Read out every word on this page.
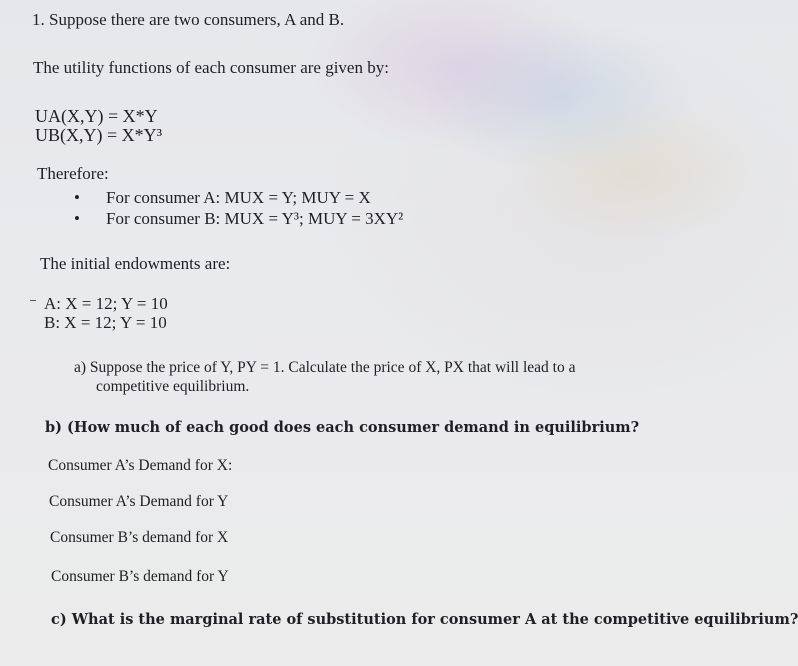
1. Suppose there are two consumers, A and B.
The utility functions of each consumer are given by:
UA(X,Y) = X*Y
UB(X,Y) = X*Y³
Therefore:
• For consumer A: MUX = Y; MUY = X
• For consumer B: MUX = Y³; MUY = 3XY²
The initial endowments are:
A: X = 12; Y = 10
B: X = 12; Y = 10
a) Suppose the price of Y, PY = 1. Calculate the price of X, PX that will lead to a
competitive equilibrium.
b) (How much of each good does each consumer demand in equilibrium?
Consumer A’s Demand for X:
Consumer A’s Demand for Y
Consumer B’s demand for X
Consumer B’s demand for Y
c) What is the marginal rate of substitution for consumer A at the competitive equilibrium?
